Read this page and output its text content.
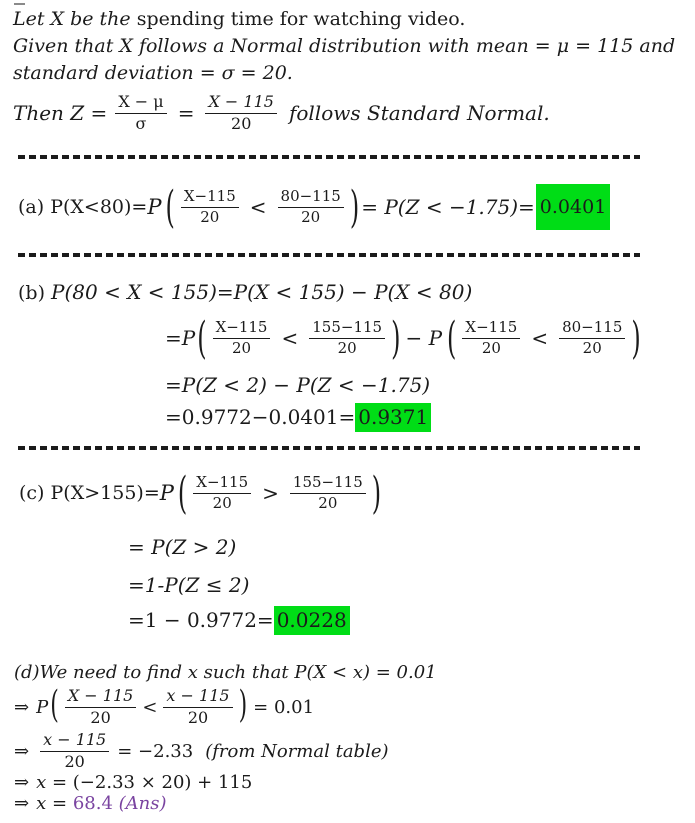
Let X be the spending time for watching video.
Given that X follows a Normal distribution with mean = μ = 115 and
standard deviation = σ = 20.
Then $Z = \frac{X - \mu}{\sigma} = \frac{X - 115}{20}$ follows Standard Normal.
(a) P(X<80)= P ( $\frac{X-115}{20} < \frac{80-115}{20}$ ) = P(Z < −1.75)= 0.0401
(b) P(80 < X < 155)=P(X < 155) − P(X < 80)
=P ( $\frac{X-115}{20} < \frac{155-115}{20}$ ) − P ( $\frac{X-115}{20} < \frac{80-115}{20}$ )
=P(Z < 2) − P(Z < −1.75)
=0.9772−0.0401= 0.9371
(c) P(X>155)= P ( $\frac{X-115}{20} > \frac{155-115}{20}$ )
= P(Z > 2)
=1-P(Z ≤ 2)
=1 − 0.9772= 0.0228
(d)We need to find x such that P(X < x) = 0.01
⇒ P ( $\frac{X - 115}{20} < \frac{x - 115}{20}$ ) = 0.01
⇒ $\frac{x - 115}{20} = -2.33$ (from Normal table)
⇒ x = (−2.33 × 20) + 115
⇒ x = 68.4 (Ans)
